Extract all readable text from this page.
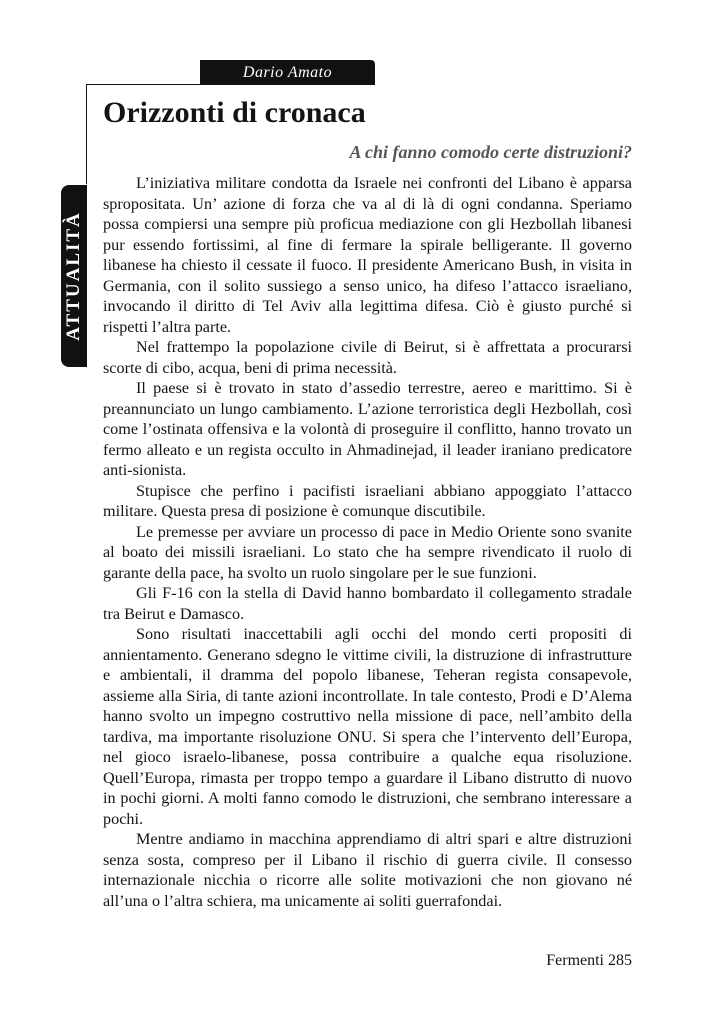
Dario Amato
ATTUALITÀ
Orizzonti di cronaca
A chi fanno comodo certe distruzioni?

L’iniziativa militare condotta da Israele nei confronti del Libano è apparsa spropositata. Un’ azione di forza che va al di là di ogni condanna. Speriamo possa compiersi una sempre più proficua mediazione con gli Hezbollah libanesi pur essendo fortissimi, al fine di fermare la spirale belligerante. Il governo libanese ha chiesto il cessate il fuoco. Il presidente Americano Bush, in visita in Germania, con il solito sussiego a senso unico, ha difeso l’attacco israeliano, invocando il diritto di Tel Aviv alla legittima difesa. Ciò è giusto purché si rispetti l’altra parte.

Nel frattempo la popolazione civile di Beirut, si è affrettata a procurarsi scorte di cibo, acqua, beni di prima necessità.

Il paese si è trovato in stato d’assedio terrestre, aereo e marittimo. Si è preannunciato un lungo cambiamento. L’azione terroristica degli Hezbollah, così come l’ostinata offensiva e la volontà di proseguire il conflitto, hanno trovato un fermo alleato e un regista occulto in Ahmadinejad, il leader iraniano predicatore anti-sionista.

Stupisce che perfino i pacifisti israeliani abbiano appoggiato l’attacco militare. Questa presa di posizione è comunque discutibile.

Le premesse per avviare un processo di pace in Medio Oriente sono svanite al boato dei missili israeliani. Lo stato che ha sempre rivendicato il ruolo di garante della pace, ha svolto un ruolo singolare per le sue funzioni.

Gli F-16 con la stella di David hanno bombardato il collegamento stradale tra Beirut e Damasco.

Sono risultati inaccettabili agli occhi del mondo certi propositi di annientamento. Generano sdegno le vittime civili, la distruzione di infrastrutture e ambientali, il dramma del popolo libanese, Teheran regista consapevole, assieme alla Siria, di tante azioni incontrollate. In tale contesto, Prodi e D’Alema hanno svolto un impegno costruttivo nella missione di pace, nell’ambito della tardiva, ma importante risoluzione ONU. Si spera che l’intervento dell’Europa, nel gioco israelo-libanese, possa contribuire a qualche equa risoluzione. Quell’Europa, rimasta per troppo tempo a guardare il Libano distrutto di nuovo in pochi giorni. A molti fanno comodo le distruzioni, che sembrano interessare a pochi.

Mentre andiamo in macchina apprendiamo di altri spari e altre distruzioni senza sosta, compreso per il Libano il rischio di guerra civile. Il consesso internazionale nicchia o ricorre alle solite motivazioni che non giovano né all’una o l’altra schiera, ma unicamente ai soliti guerrafondai.

Fermenti 285
